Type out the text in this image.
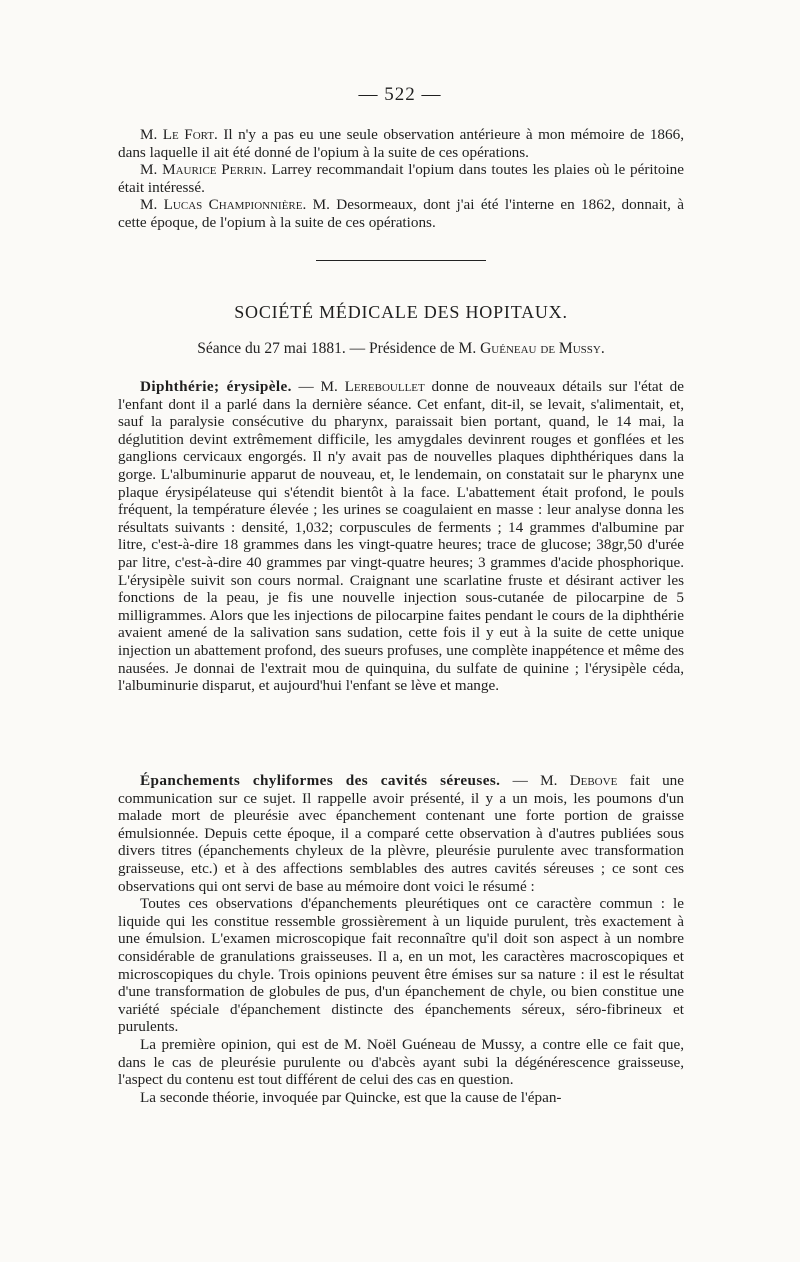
— 522 —

M. Le Fort. Il n'y a pas eu une seule observation antérieure à mon mémoire de 1866, dans laquelle il ait été donné de l'opium à la suite de ces opérations.

M. Maurice Perrin. Larrey recommandait l'opium dans toutes les plaies où le péritoine était intéressé.

M. Lucas Championnière. M. Desormeaux, dont j'ai été l'interne en 1862, donnait, à cette époque, de l'opium à la suite de ces opérations.

SOCIÉTÉ MÉDICALE DES HOPITAUX.
Séance du 27 mai 1881. — Présidence de M. Guéneau de Mussy.

Diphthérie; érysipèle. — M. Lereboullet donne de nouveaux détails sur l'état de l'enfant dont il a parlé dans la dernière séance. Cet enfant, dit-il, se levait, s'alimentait, et, sauf la paralysie consécutive du pharynx, paraissait bien portant, quand, le 14 mai, la déglutition devint extrêmement difficile, les amygdales devinrent rouges et gonflées et les ganglions cervicaux engorgés. Il n'y avait pas de nouvelles plaques diphthériques dans la gorge. L'albuminurie apparut de nouveau, et, le lendemain, on constatait sur le pharynx une plaque érysipélateuse qui s'étendit bientôt à la face. L'abattement était profond, le pouls fréquent, la température élevée ; les urines se coagulaient en masse : leur analyse donna les résultats suivants : densité, 1,032; corpuscules de ferments ; 14 grammes d'albumine par litre, c'est-à-dire 18 grammes dans les vingt-quatre heures; trace de glucose; 38gr,50 d'urée par litre, c'est-à-dire 40 grammes par vingt-quatre heures; 3 grammes d'acide phosphorique. L'érysipèle suivit son cours normal. Craignant une scarlatine fruste et désirant activer les fonctions de la peau, je fis une nouvelle injection sous-cutanée de pilocarpine de 5 milligrammes. Alors que les injections de pilocarpine faites pendant le cours de la diphthérie avaient amené de la salivation sans sudation, cette fois il y eut à la suite de cette unique injection un abattement profond, des sueurs profuses, une complète inappétence et même des nausées. Je donnai de l'extrait mou de quinquina, du sulfate de quinine ; l'érysipèle céda, l'albuminurie disparut, et aujourd'hui l'enfant se lève et mange.

Épanchements chyliformes des cavités séreuses. — M. Debove fait une communication sur ce sujet. Il rappelle avoir présenté, il y a un mois, les poumons d'un malade mort de pleurésie avec épanchement contenant une forte portion de graisse émulsionnée. Depuis cette époque, il a comparé cette observation à d'autres publiées sous divers titres (épanchements chyleux de la plèvre, pleurésie purulente avec transformation graisseuse, etc.) et à des affections semblables des autres cavités séreuses ; ce sont ces observations qui ont servi de base au mémoire dont voici le résumé :

Toutes ces observations d'épanchements pleurétiques ont ce caractère commun : le liquide qui les constitue ressemble grossièrement à un liquide purulent, très exactement à une émulsion. L'examen microscopique fait reconnaître qu'il doit son aspect à un nombre considérable de granulations graisseuses. Il a, en un mot, les caractères macroscopiques et microscopiques du chyle. Trois opinions peuvent être émises sur sa nature : il est le résultat d'une transformation de globules de pus, d'un épanchement de chyle, ou bien constitue une variété spéciale d'épanchement distincte des épanchements séreux, séro-fibrineux et purulents.

La première opinion, qui est de M. Noël Guéneau de Mussy, a contre elle ce fait que, dans le cas de pleurésie purulente ou d'abcès ayant subi la dégénérescence graisseuse, l'aspect du contenu est tout différent de celui des cas en question.

La seconde théorie, invoquée par Quincke, est que la cause de l'épan-
